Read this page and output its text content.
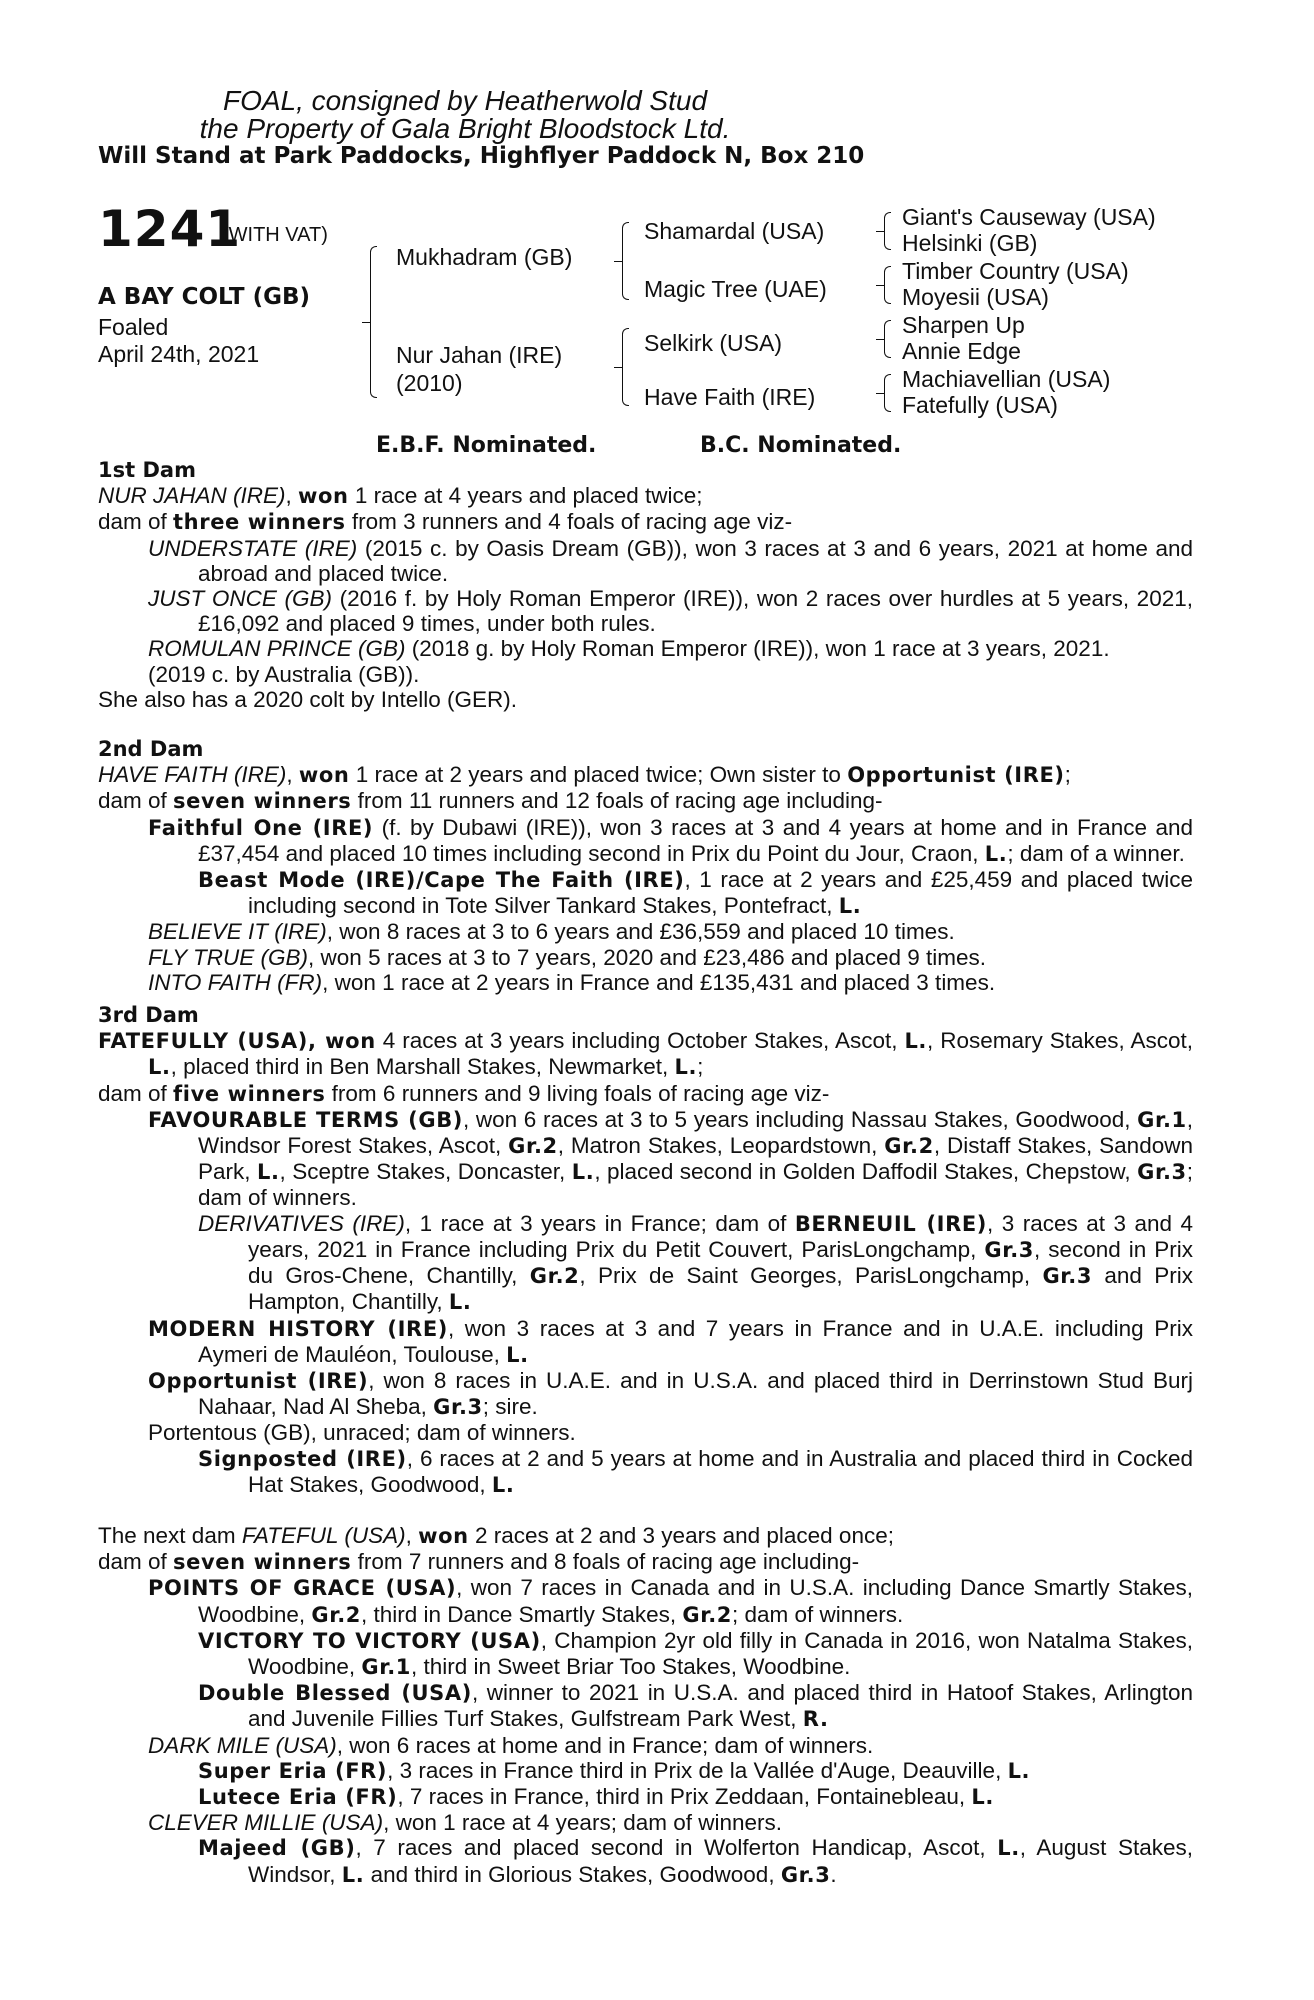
FOAL, consigned by Heatherwold Stud
the Property of Gala Bright Bloodstock Ltd.
Will Stand at Park Paddocks, Highflyer Paddock N, Box 210
1241
(WITH VAT)
A BAY COLT (GB)
Foaled
April 24th, 2021
Mukhadram (GB)
Nur Jahan (IRE)
(2010)
Shamardal (USA)
Magic Tree (UAE)
Selkirk (USA)
Have Faith (IRE)
Giant's Causeway (USA)
Helsinki (GB)
Timber Country (USA)
Moyesii (USA)
Sharpen Up
Annie Edge
Machiavellian (USA)
Fatefully (USA)
E.B.F. Nominated.	B.C. Nominated.

1st Dam

NUR JAHAN (IRE), won 1 race at 4 years and placed twice;

dam of three winners from 3 runners and 4 foals of racing age viz-

UNDERSTATE (IRE) (2015 c. by Oasis Dream (GB)), won 3 races at 3 and 6 years, 2021 at home and abroad and placed twice.

JUST ONCE (GB) (2016 f. by Holy Roman Emperor (IRE)), won 2 races over hurdles at 5 years, 2021, £16,092 and placed 9 times, under both rules.

ROMULAN PRINCE (GB) (2018 g. by Holy Roman Emperor (IRE)), won 1 race at 3 years, 2021.

(2019 c. by Australia (GB)).

She also has a 2020 colt by Intello (GER).

2nd Dam

HAVE FAITH (IRE), won 1 race at 2 years and placed twice; Own sister to Opportunist (IRE);

dam of seven winners from 11 runners and 12 foals of racing age including-

Faithful One (IRE) (f. by Dubawi (IRE)), won 3 races at 3 and 4 years at home and in France and £37,454 and placed 10 times including second in Prix du Point du Jour, Craon, L.; dam of a winner.

Beast Mode (IRE)/Cape The Faith (IRE), 1 race at 2 years and £25,459 and placed twice including second in Tote Silver Tankard Stakes, Pontefract, L.

BELIEVE IT (IRE), won 8 races at 3 to 6 years and £36,559 and placed 10 times.

FLY TRUE (GB), won 5 races at 3 to 7 years, 2020 and £23,486 and placed 9 times.

INTO FAITH (FR), won 1 race at 2 years in France and £135,431 and placed 3 times.

3rd Dam

FATEFULLY (USA), won 4 races at 3 years including October Stakes, Ascot, L., Rosemary Stakes, Ascot, L., placed third in Ben Marshall Stakes, Newmarket, L.;

dam of five winners from 6 runners and 9 living foals of racing age viz-

FAVOURABLE TERMS (GB), won 6 races at 3 to 5 years including Nassau Stakes, Goodwood, Gr.1, Windsor Forest Stakes, Ascot, Gr.2, Matron Stakes, Leopardstown, Gr.2, Distaff Stakes, Sandown Park, L., Sceptre Stakes, Doncaster, L., placed second in Golden Daffodil Stakes, Chepstow, Gr.3; dam of winners.

DERIVATIVES (IRE), 1 race at 3 years in France; dam of BERNEUIL (IRE), 3 races at 3 and 4 years, 2021 in France including Prix du Petit Couvert, ParisLongchamp, Gr.3, second in Prix du Gros-Chene, Chantilly, Gr.2, Prix de Saint Georges, ParisLongchamp, Gr.3 and Prix Hampton, Chantilly, L.

MODERN HISTORY (IRE), won 3 races at 3 and 7 years in France and in U.A.E. including Prix Aymeri de Mauléon, Toulouse, L.

Opportunist (IRE), won 8 races in U.A.E. and in U.S.A. and placed third in Derrinstown Stud Burj Nahaar, Nad Al Sheba, Gr.3; sire.

Portentous (GB), unraced; dam of winners.

Signposted (IRE), 6 races at 2 and 5 years at home and in Australia and placed third in Cocked Hat Stakes, Goodwood, L.

The next dam FATEFUL (USA), won 2 races at 2 and 3 years and placed once;

dam of seven winners from 7 runners and 8 foals of racing age including-

POINTS OF GRACE (USA), won 7 races in Canada and in U.S.A. including Dance Smartly Stakes, Woodbine, Gr.2, third in Dance Smartly Stakes, Gr.2; dam of winners.

VICTORY TO VICTORY (USA), Champion 2yr old filly in Canada in 2016, won Natalma Stakes, Woodbine, Gr.1, third in Sweet Briar Too Stakes, Woodbine.

Double Blessed (USA), winner to 2021 in U.S.A. and placed third in Hatoof Stakes, Arlington and Juvenile Fillies Turf Stakes, Gulfstream Park West, R.

DARK MILE (USA), won 6 races at home and in France; dam of winners.

Super Eria (FR), 3 races in France third in Prix de la Vallée d'Auge, Deauville, L.

Lutece Eria (FR), 7 races in France, third in Prix Zeddaan, Fontainebleau, L.

CLEVER MILLIE (USA), won 1 race at 4 years; dam of winners.

Majeed (GB), 7 races and placed second in Wolferton Handicap, Ascot, L., August Stakes, Windsor, L. and third in Glorious Stakes, Goodwood, Gr.3.
